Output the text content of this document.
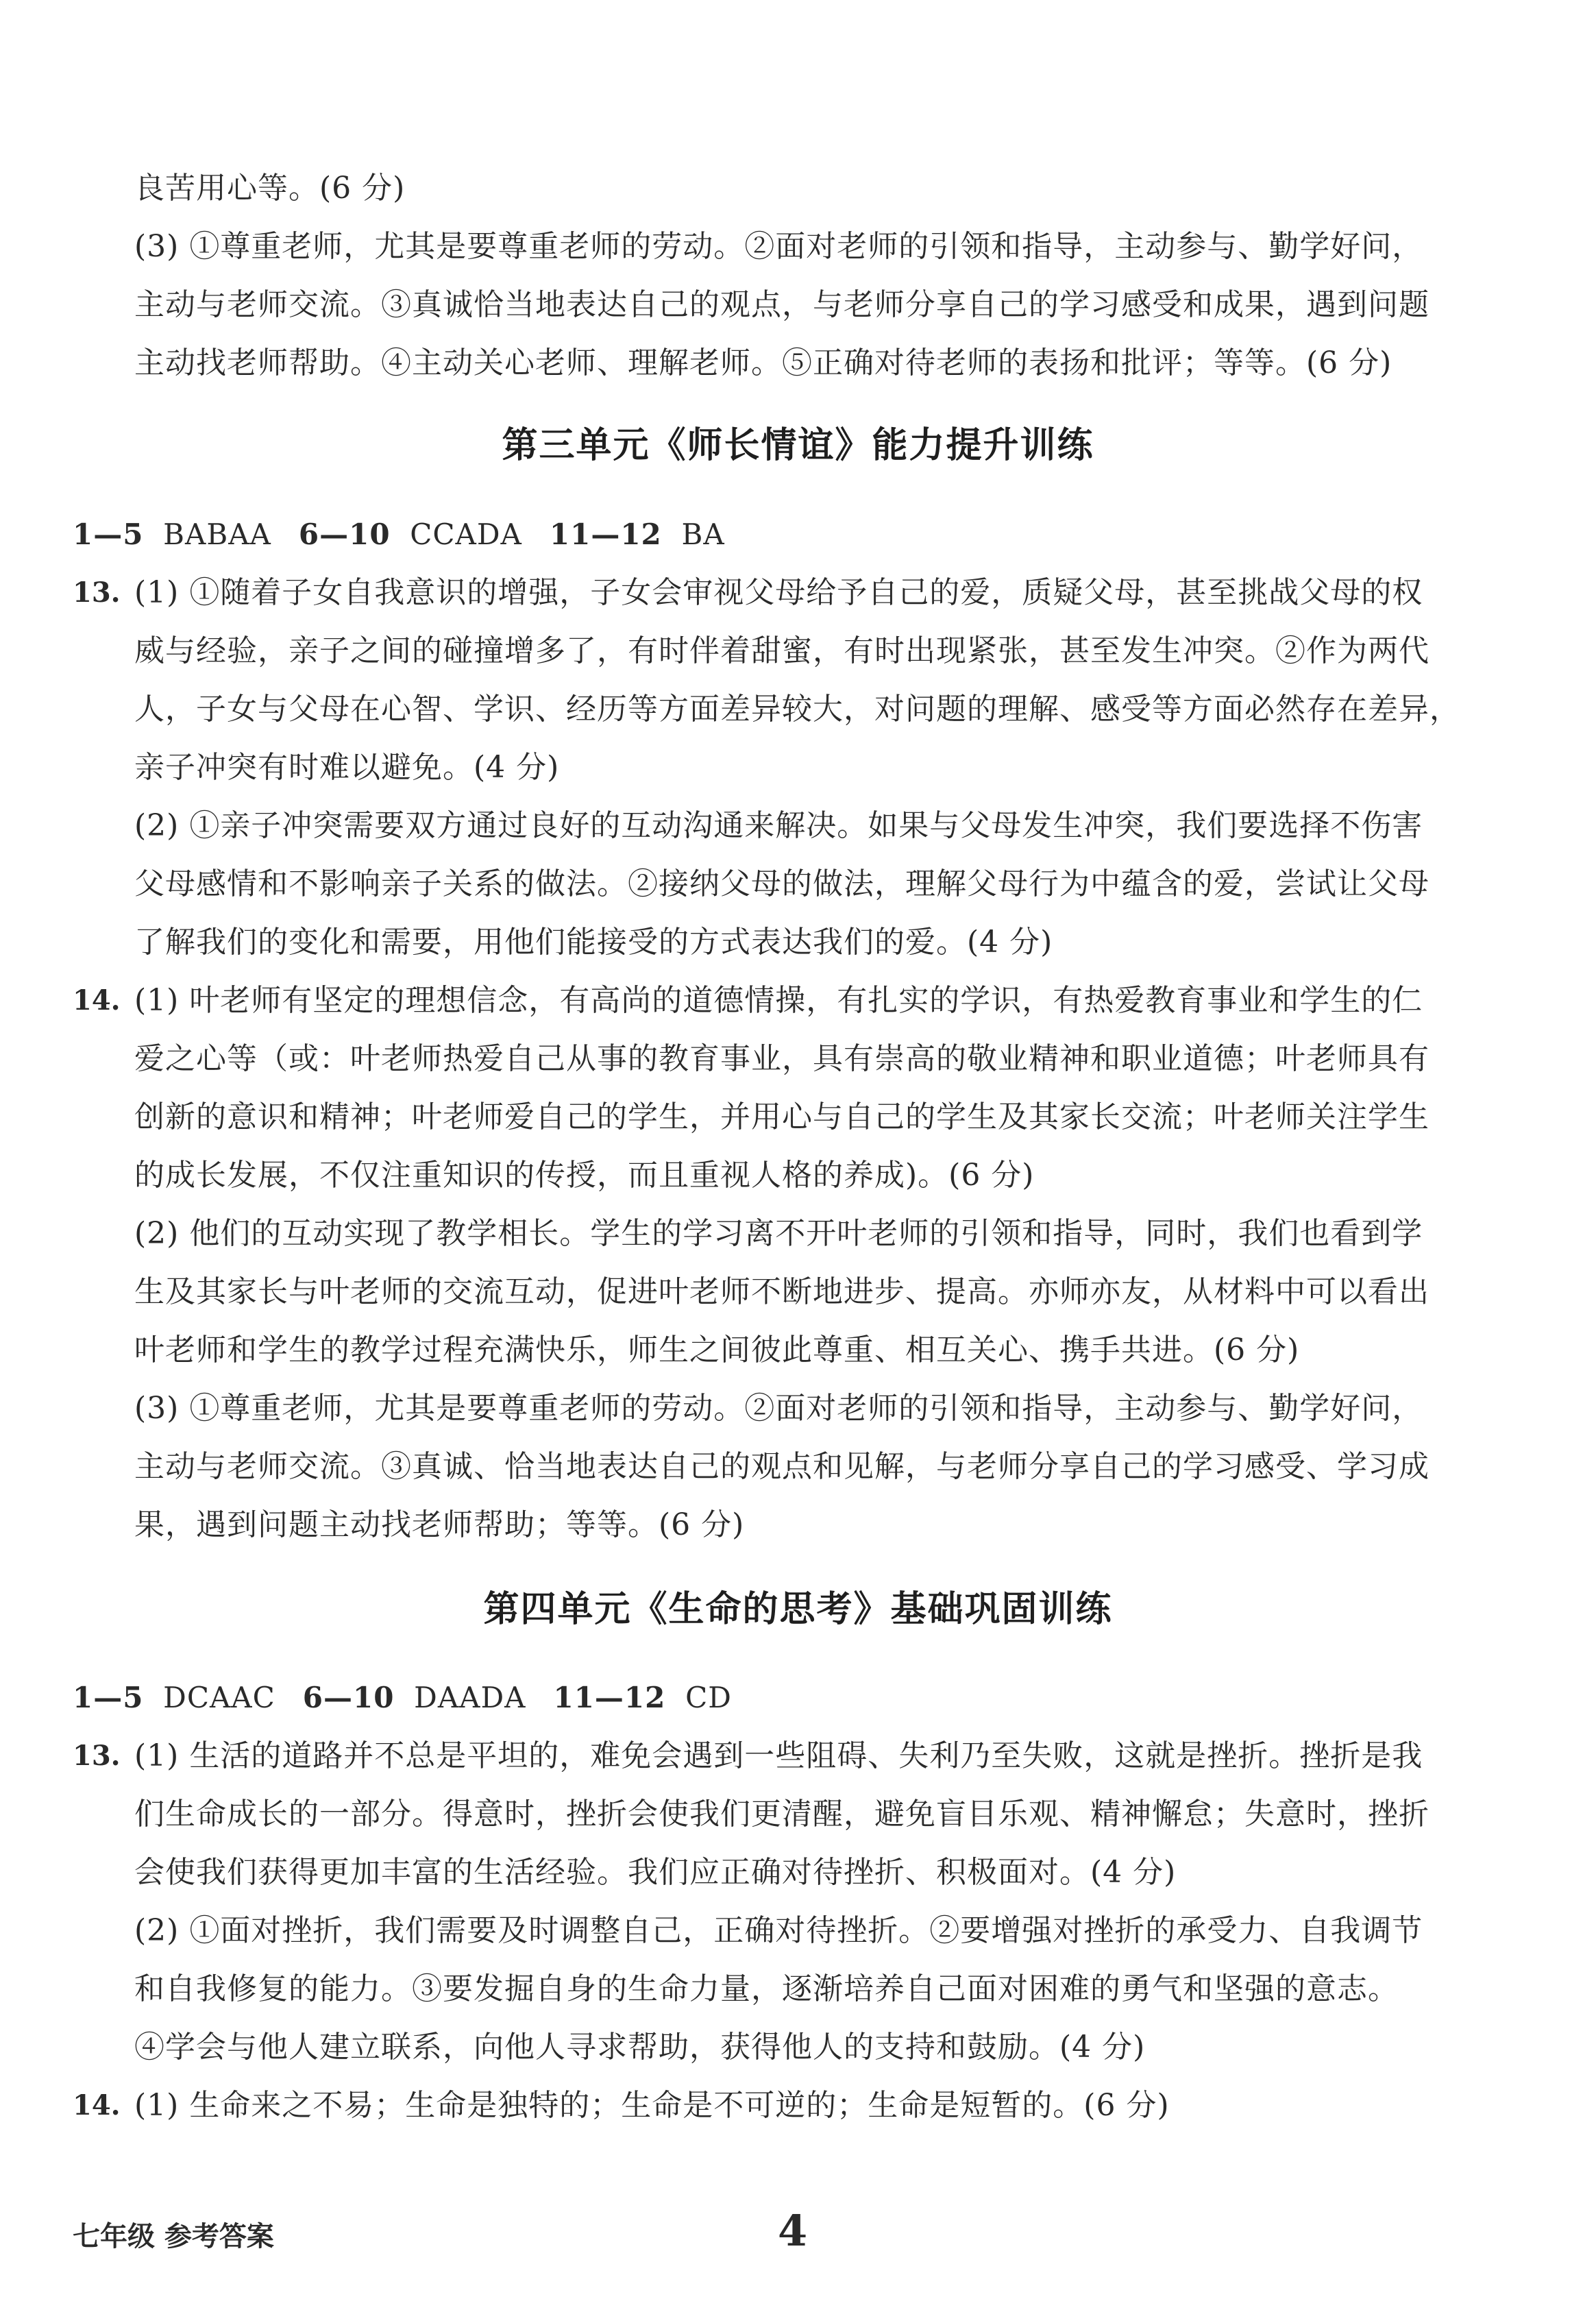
良苦用心等。(6 分)
(3) ①尊重老师，尤其是要尊重老师的劳动。②面对老师的引领和指导，主动参与、勤学好问，
主动与老师交流。③真诚恰当地表达自己的观点，与老师分享自己的学习感受和成果，遇到问题
主动找老师帮助。④主动关心老师、理解老师。⑤正确对待老师的表扬和批评；等等。(6 分)
第三单元《师长情谊》能力提升训练
1—5 BABAA 6—10 CCADA 11—12 BA
13. (1) ①随着子女自我意识的增强，子女会审视父母给予自己的爱，质疑父母，甚至挑战父母的权
威与经验，亲子之间的碰撞增多了，有时伴着甜蜜，有时出现紧张，甚至发生冲突。②作为两代
人，子女与父母在心智、学识、经历等方面差异较大，对问题的理解、感受等方面必然存在差异，
亲子冲突有时难以避免。(4 分)
(2) ①亲子冲突需要双方通过良好的互动沟通来解决。如果与父母发生冲突，我们要选择不伤害
父母感情和不影响亲子关系的做法。②接纳父母的做法，理解父母行为中蕴含的爱，尝试让父母
了解我们的变化和需要，用他们能接受的方式表达我们的爱。(4 分)
14. (1) 叶老师有坚定的理想信念，有高尚的道德情操，有扎实的学识，有热爱教育事业和学生的仁
爱之心等（或：叶老师热爱自己从事的教育事业，具有崇高的敬业精神和职业道德；叶老师具有
创新的意识和精神；叶老师爱自己的学生，并用心与自己的学生及其家长交流；叶老师关注学生
的成长发展，不仅注重知识的传授，而且重视人格的养成)。(6 分)
(2) 他们的互动实现了教学相长。学生的学习离不开叶老师的引领和指导，同时，我们也看到学
生及其家长与叶老师的交流互动，促进叶老师不断地进步、提高。亦师亦友，从材料中可以看出
叶老师和学生的教学过程充满快乐，师生之间彼此尊重、相互关心、携手共进。(6 分)
(3) ①尊重老师，尤其是要尊重老师的劳动。②面对老师的引领和指导，主动参与、勤学好问，
主动与老师交流。③真诚、恰当地表达自己的观点和见解，与老师分享自己的学习感受、学习成
果，遇到问题主动找老师帮助；等等。(6 分)
第四单元《生命的思考》基础巩固训练
1—5 DCAAC 6—10 DAADA 11—12 CD
13. (1) 生活的道路并不总是平坦的，难免会遇到一些阻碍、失利乃至失败，这就是挫折。挫折是我
们生命成长的一部分。得意时，挫折会使我们更清醒，避免盲目乐观、精神懈怠；失意时，挫折
会使我们获得更加丰富的生活经验。我们应正确对待挫折、积极面对。(4 分)
(2) ①面对挫折，我们需要及时调整自己，正确对待挫折。②要增强对挫折的承受力、自我调节
和自我修复的能力。③要发掘自身的生命力量，逐渐培养自己面对困难的勇气和坚强的意志。
④学会与他人建立联系，向他人寻求帮助，获得他人的支持和鼓励。(4 分)
14. (1) 生命来之不易；生命是独特的；生命是不可逆的；生命是短暂的。(6 分)
七年级 参考答案	4
